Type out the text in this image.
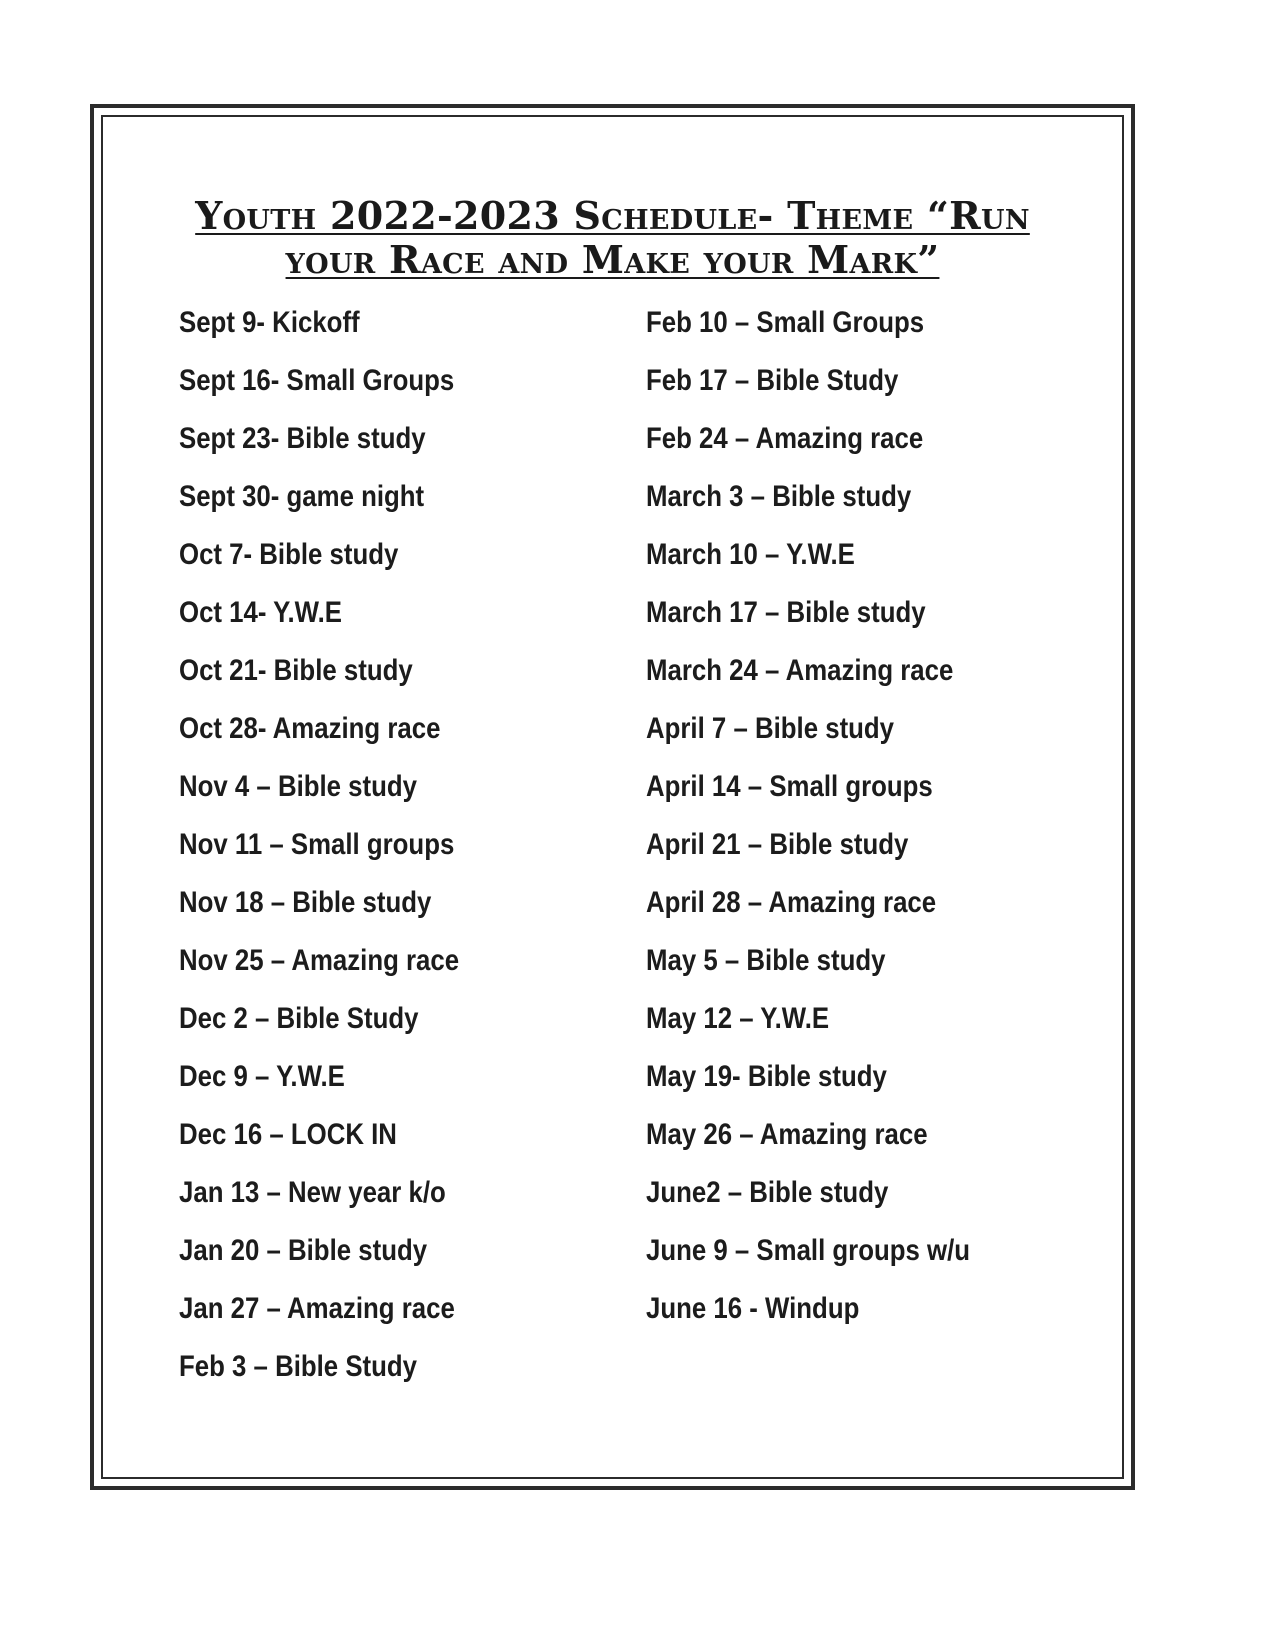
Youth 2022-2023 Schedule- Theme “Run
your Race and Make your Mark”
Sept 9- Kickoff
Sept 16- Small Groups
Sept 23- Bible study
Sept 30- game night
Oct 7- Bible study
Oct 14- Y.W.E
Oct 21- Bible study
Oct 28- Amazing race
Nov 4 – Bible study
Nov 11 – Small groups
Nov 18 – Bible study
Nov 25 – Amazing race
Dec 2 – Bible Study
Dec 9 – Y.W.E
Dec 16 – LOCK IN
Jan 13 – New year k/o
Jan 20 – Bible study
Jan 27 – Amazing race
Feb 3 – Bible Study
Feb 10 – Small Groups
Feb 17 – Bible Study
Feb 24 – Amazing race
March 3 – Bible study
March 10 – Y.W.E
March 17 – Bible study
March 24 – Amazing race
April 7 – Bible study
April 14 – Small groups
April 21 – Bible study
April 28 – Amazing race
May 5 – Bible study
May 12 – Y.W.E
May 19- Bible study
May 26 – Amazing race
June2 – Bible study
June 9 – Small groups w/u
June 16 - Windup
